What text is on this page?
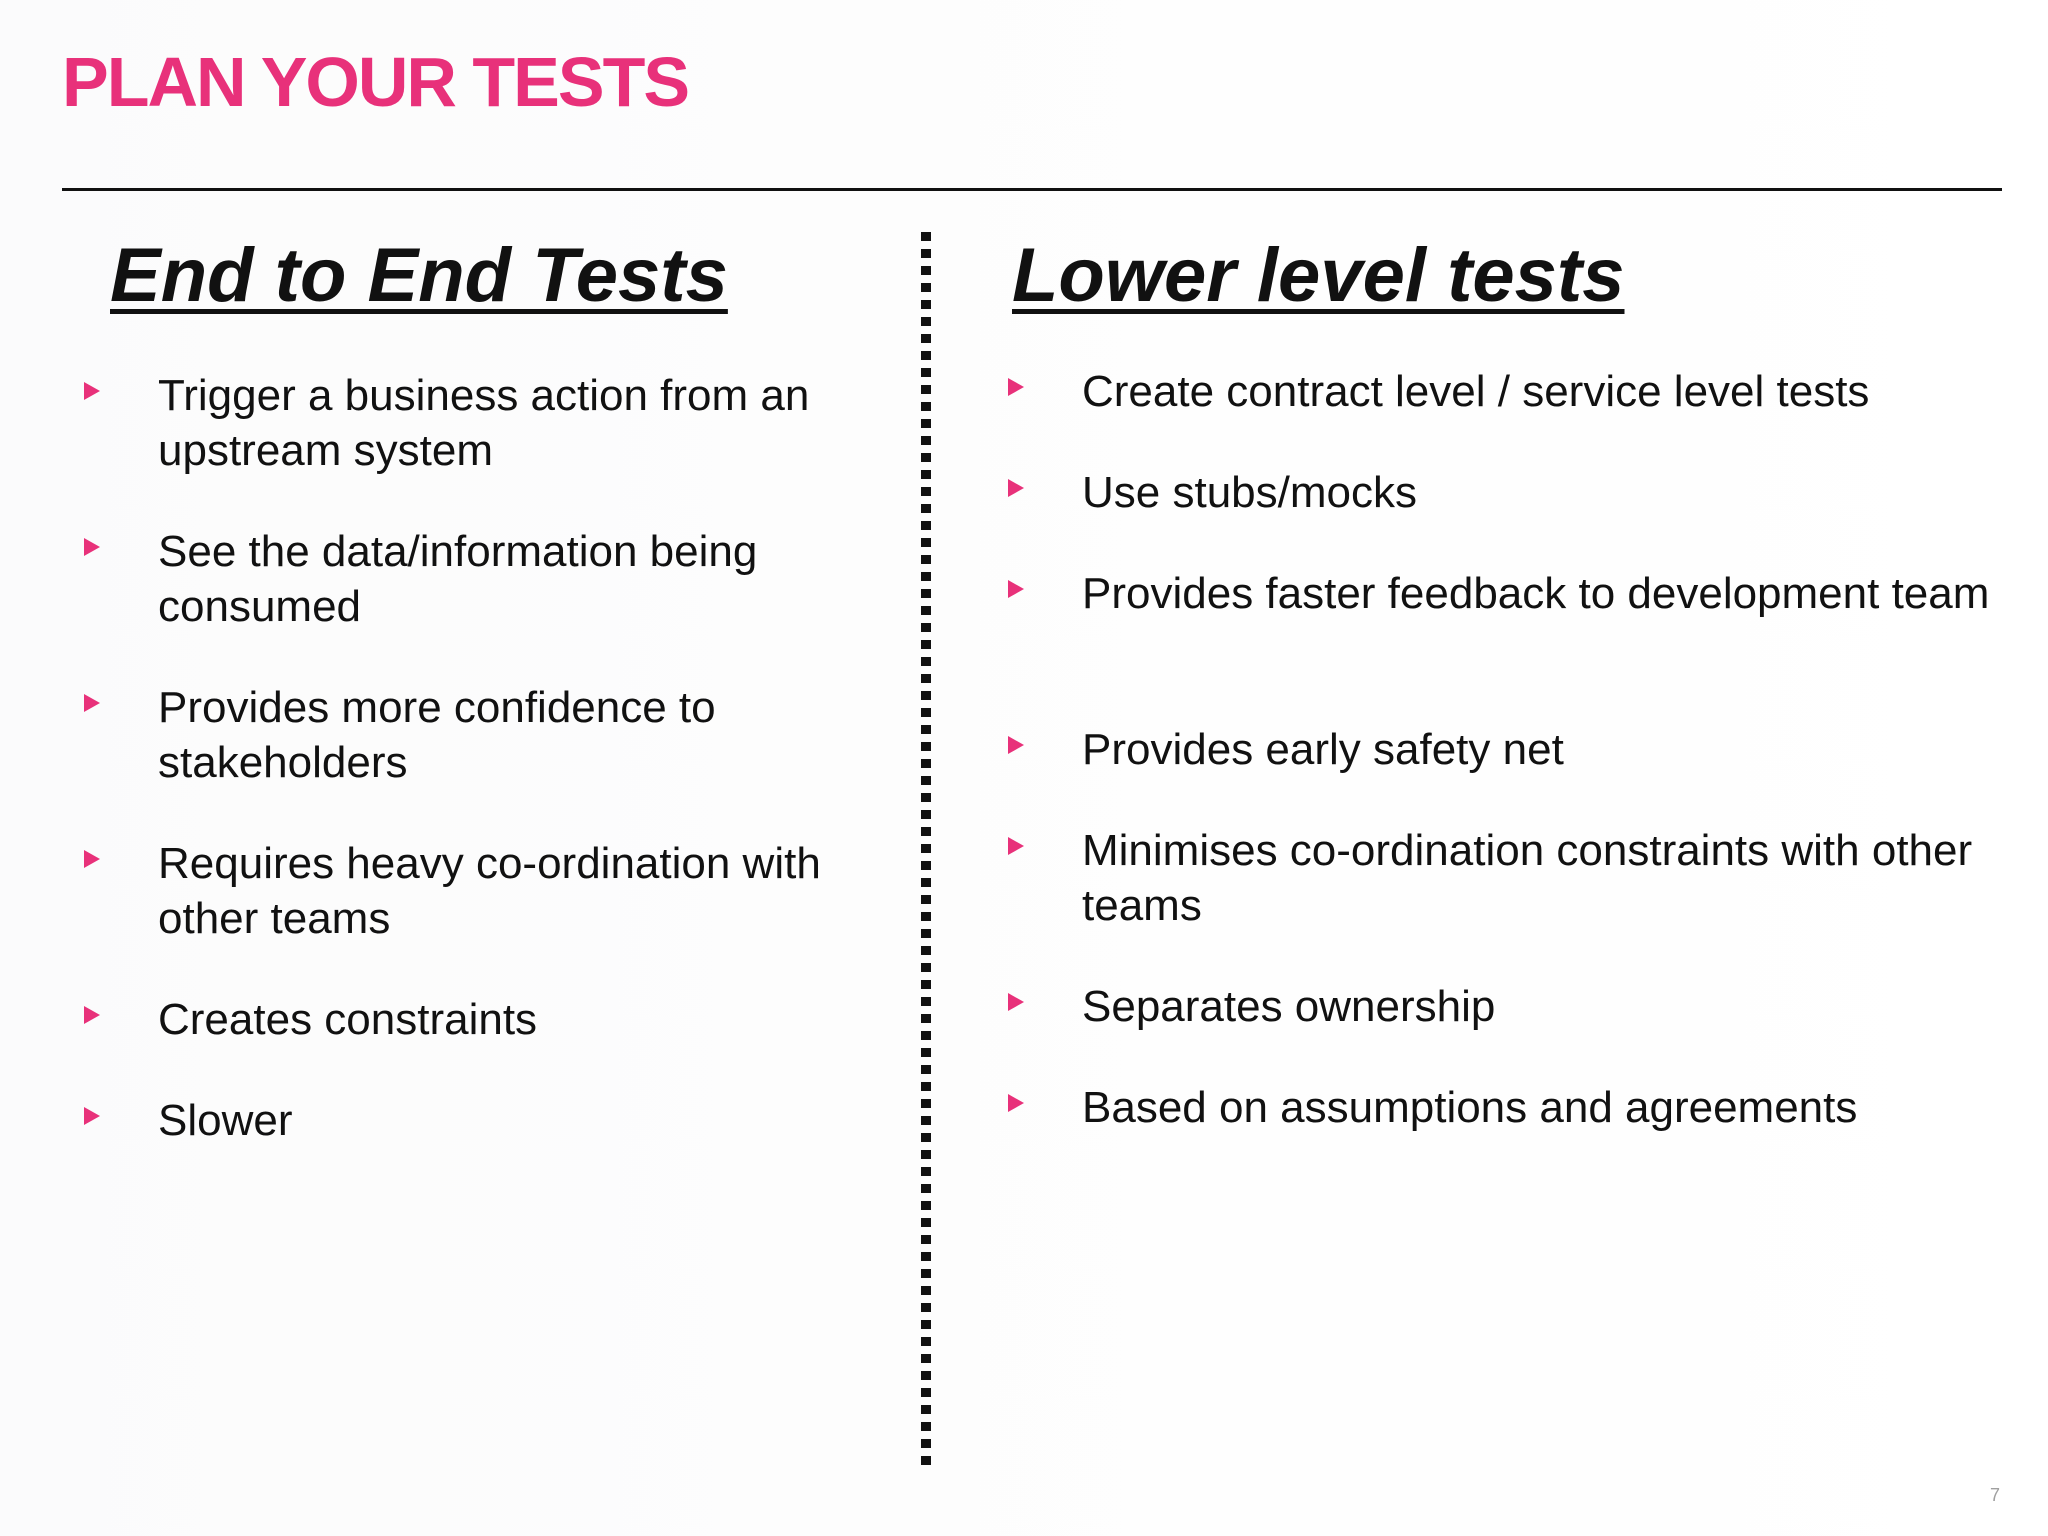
PLAN YOUR TESTS
End to End Tests
Trigger a business action from an upstream system
See the data/information being consumed
Provides more confidence to stakeholders
Requires heavy co-ordination with other teams
Creates constraints
Slower
Lower level tests
Create contract level / service level tests
Use stubs/mocks
Provides faster feedback to development team
Provides early safety net
Minimises co-ordination constraints with other teams
Separates ownership
Based on assumptions and agreements
7
